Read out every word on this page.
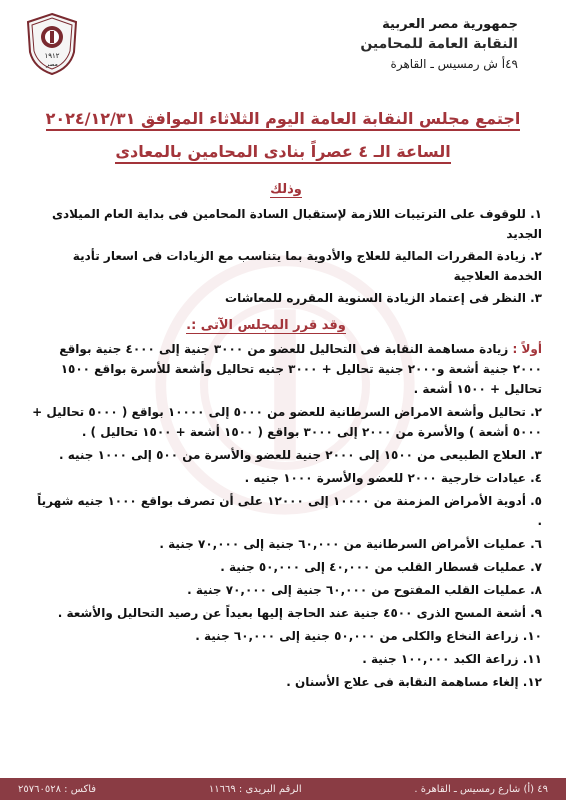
١٩١٢
مصر
جمهورية مصر العربية
النقابة العامة للمحامين
٤٩أ ش رمسيس ـ القاهرة
اجتمع مجلس النقابة العامة اليوم الثلاثاء الموافق ٢٠٢٤/١٢/٣١
الساعة الـ ٤ عصراً بنادى المحامين بالمعادى
وذلك
١. للوقوف على الترتيبات اللازمة لإستقبال السادة المحامين فى بداية العام الميلادى الجديد
٢. زيادة المقررات المالية للعلاج والأدوية بما يتناسب مع الزيادات فى اسعار تأدية الخدمة العلاجية
٣. النظر فى إعتماد الزيادة السنوية المقرره للمعاشات
وقد قرر المجلس الآتى :.
أولاً : زيادة مساهمة النقابة فى التحاليل للعضو من ٣٠٠٠ جنية إلى ٤٠٠٠ جنية بواقع ٢٠٠٠ جنية أشعة و٢٠٠٠ جنية تحاليل + ٣٠٠٠ جنيه تحاليل وأشعة للأسرة بواقع ١٥٠٠ تحاليل + ١٥٠٠ أشعة .
٢. تحاليل وأشعة الامراض السرطانية للعضو من ٥٠٠٠ إلى ١٠٠٠٠ بواقع ( ٥٠٠٠ تحاليل + ٥٠٠٠ أشعة ) والأسرة من ٢٠٠٠ إلى ٣٠٠٠ بواقع ( ١٥٠٠ أشعة + ١٥٠٠ تحاليل ) .
٣. العلاج الطبيعى من ١٥٠٠ إلى ٢٠٠٠ جنية للعضو والأسرة من ٥٠٠ إلى ١٠٠٠ جنيه .
٤. عيادات خارجية ٢٠٠٠ للعضو والأسرة ١٠٠٠ جنيه .
٥. أدوية الأمراض المزمنة من ١٠٠٠٠ إلى ١٢٠٠٠ على أن تصرف بواقع ١٠٠٠ جنيه شهرياً .
٦. عمليات الأمراض السرطانية من ٦٠,٠٠٠ جنية إلى ٧٠,٠٠٠ جنية .
٧. عمليات قسطار القلب من ٤٠,٠٠٠ إلى ٥٠,٠٠٠ جنية .
٨. عمليات القلب المفتوح من ٦٠,٠٠٠ جنية إلى ٧٠,٠٠٠ جنية .
٩. أشعة المسح الذرى ٤٥٠٠ جنية عند الحاجة إليها بعيداً عن رصيد التحاليل والأشعة .
١٠. زراعة النخاع والكلى من ٥٠,٠٠٠ جنية إلى ٦٠,٠٠٠ جنية .
١١. زراعة الكبد ١٠٠,٠٠٠ جنية .
١٢. إلغاء مساهمة النقابة فى علاج الأسنان .
٤٩ (أ) شارع رمسيس ـ القاهرة .
الرقم البريدى : ١١٦٦٩
فاكس : ٢٥٧٦٠٥٢٨
